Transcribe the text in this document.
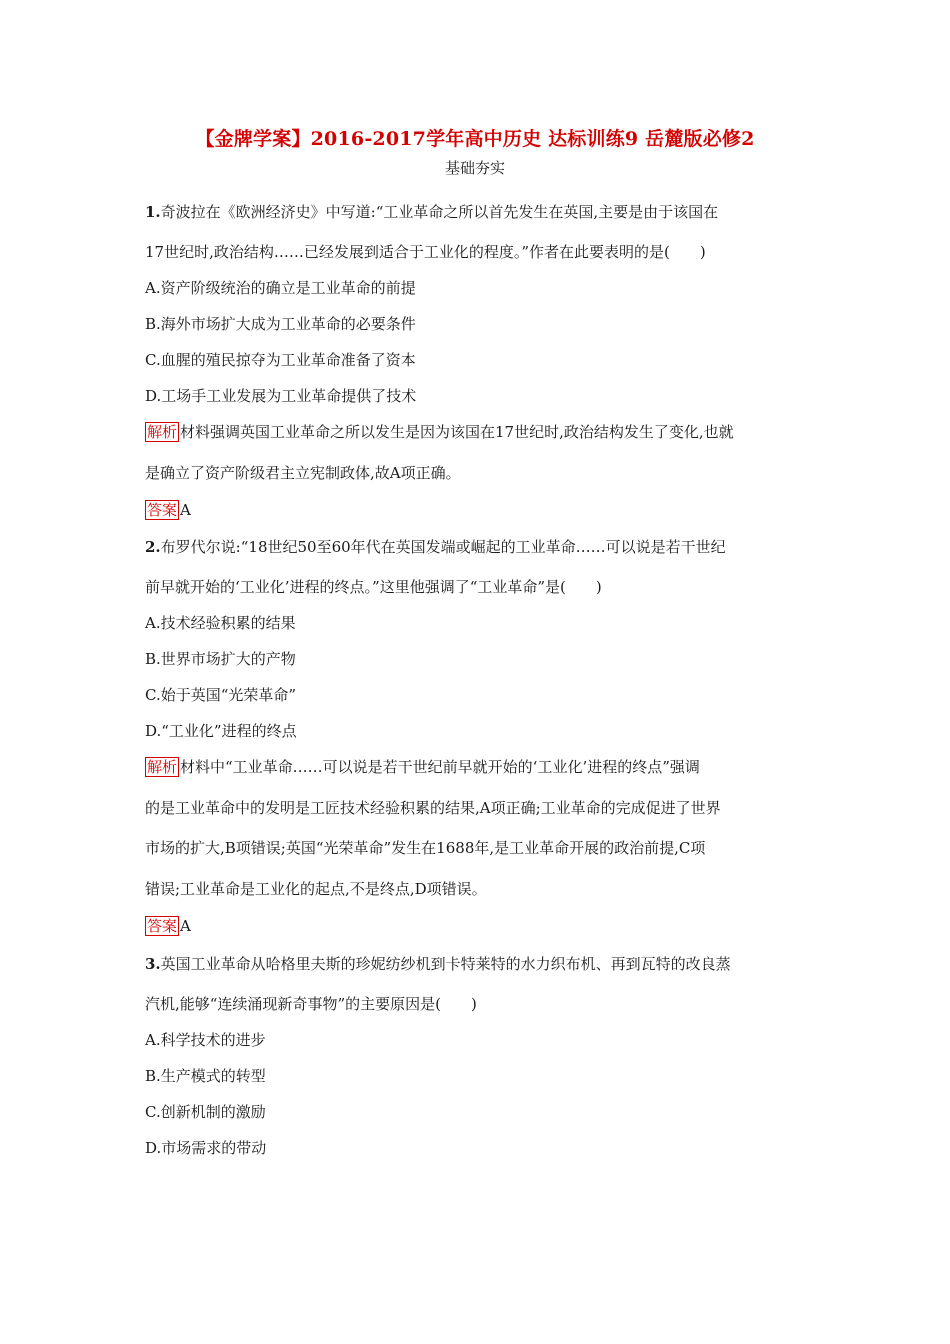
【金牌学案】2016-2017学年高中历史 达标训练9 岳麓版必修2
基础夯实
1.奇波拉在《欧洲经济史》中写道:“工业革命之所以首先发生在英国,主要是由于该国在
17世纪时,政治结构……已经发展到适合于工业化的程度。”作者在此要表明的是(　　)
A.资产阶级统治的确立是工业革命的前提
B.海外市场扩大成为工业革命的必要条件
C.血腥的殖民掠夺为工业革命准备了资本
D.工场手工业发展为工业革命提供了技术
解析 材料强调英国工业革命之所以发生是因为该国在17世纪时,政治结构发生了变化,也就
是确立了资产阶级君主立宪制政体,故A项正确。
答案 A
2.布罗代尔说:“18世纪50至60年代在英国发端或崛起的工业革命……可以说是若干世纪
前早就开始的‘工业化’进程的终点。”这里他强调了“工业革命”是(　　)
A.技术经验积累的结果
B.世界市场扩大的产物
C.始于英国“光荣革命”
D.“工业化”进程的终点
解析 材料中“工业革命……可以说是若干世纪前早就开始的‘工业化’进程的终点”强调
的是工业革命中的发明是工匠技术经验积累的结果,A项正确;工业革命的完成促进了世界
市场的扩大,B项错误;英国“光荣革命”发生在1688年,是工业革命开展的政治前提,C项
错误;工业革命是工业化的起点,不是终点,D项错误。
答案 A
3.英国工业革命从哈格里夫斯的珍妮纺纱机到卡特莱特的水力织布机、再到瓦特的改良蒸
汽机,能够“连续涌现新奇事物”的主要原因是(　　)
A.科学技术的进步
B.生产模式的转型
C.创新机制的激励
D.市场需求的带动
